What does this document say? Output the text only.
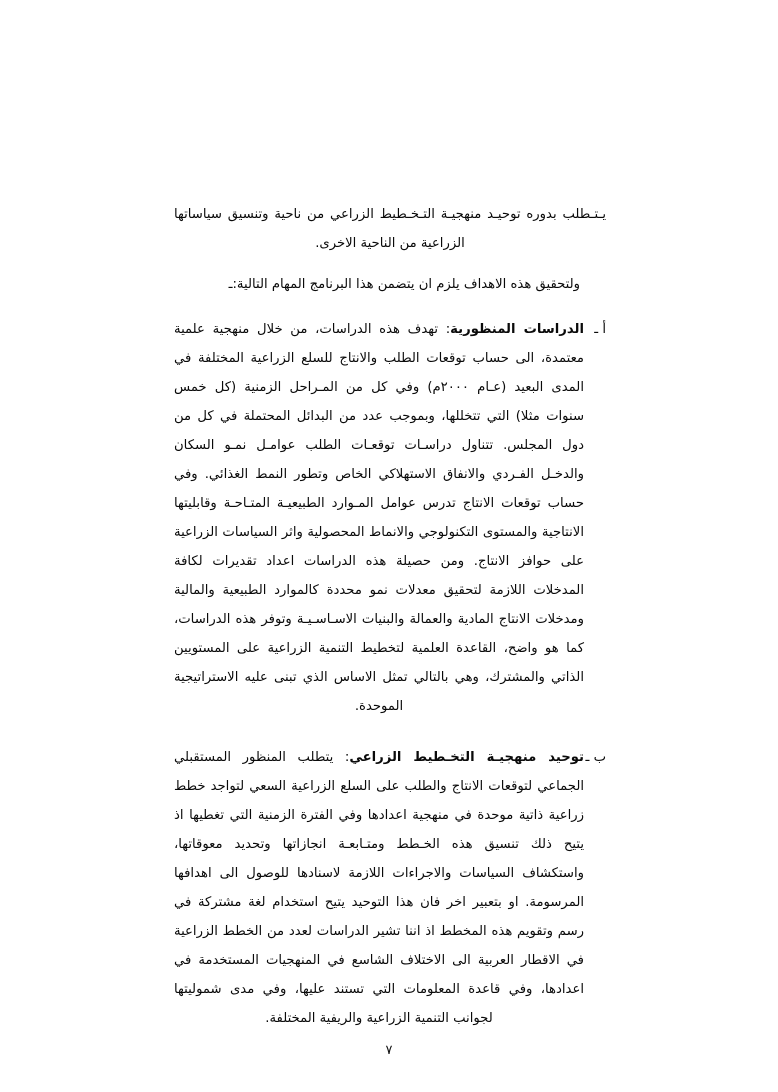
يـتـطلب بدوره توحيـد منهجيـة التـخـطيط الزراعي من ناحية وتنسيق سياساتها الزراعية من الناحية الاخرى.

ولتحقيق هذه الاهداف يلزم ان يتضمن هذا البرنامج المهام التالية:ـ

أ ـ

الدراسات المنظورية: تهدف هذه الدراسات، من خلال منهجية علمية معتمدة، الى حساب توقعات الطلب والانتاج للسلع الزراعية المختلفة في المدى البعيد (عـام ٢٠٠٠م) وفي كل من المـراحل الزمنية (كل خمس سنوات مثلا) التي تتخللها، وبموجب عدد من البدائل المحتملة في كل من دول المجلس. تتناول دراسـات توقعـات الطلب عوامـل نمـو السكان والدخـل الفـردي والانفاق الاستهلاكي الخاص وتطور النمط الغذائي. وفي حساب توقعات الانتاج تدرس عوامل المـوارد الطبيعيـة المتـاحـة وقابليتها الانتاجية والمستوى التكنولوجي والانماط المحصولية واثر السياسات الزراعية على حوافز الانتاج. ومن حصيلة هذه الدراسات اعداد تقديرات لكافة المدخلات اللازمة لتحقيق معدلات نمو محددة كالموارد الطبيعية والمالية ومدخلات الانتاج المادية والعمالة والبنيات الاسـاسـيـة وتوفر هذه الدراسات، كما هو واضح، القاعدة العلمية لتخطيط التنمية الزراعية على المستويين الذاتي والمشترك، وهي بالتالي تمثل الاساس الذي تبنى عليه الاستراتيجية الموحدة.

ب ـ

توحيد منهجيـة التخـطيط الزراعي: يتطلب المنظور المستقبلي الجماعي لتوقعات الانتاج والطلب على السلع الزراعية السعي لتواجد خطط زراعية ذاتية موحدة في منهجية اعدادها وفي الفترة الزمنية التي تغطيها اذ يتيح ذلك تنسيق هذه الخـطط ومتـابعـة انجازاتها وتحديد معوقاتها، واستكشاف السياسات والاجراءات اللازمة لاسنادها للوصول الى اهدافها المرسومة. او بتعبير اخر فان هذا التوحيد يتيح استخدام لغة مشتركة في رسم وتقويم هذه المخطط اذ اننا تشير الدراسات لعدد من الخطط الزراعية في الاقطار العربية الى الاختلاف الشاسع في المنهجيات المستخدمة في اعدادها، وفي قاعدة المعلومات التي تستند عليها، وفي مدى شموليتها لجوانب التنمية الزراعية والريفية المختلفة.

٧
